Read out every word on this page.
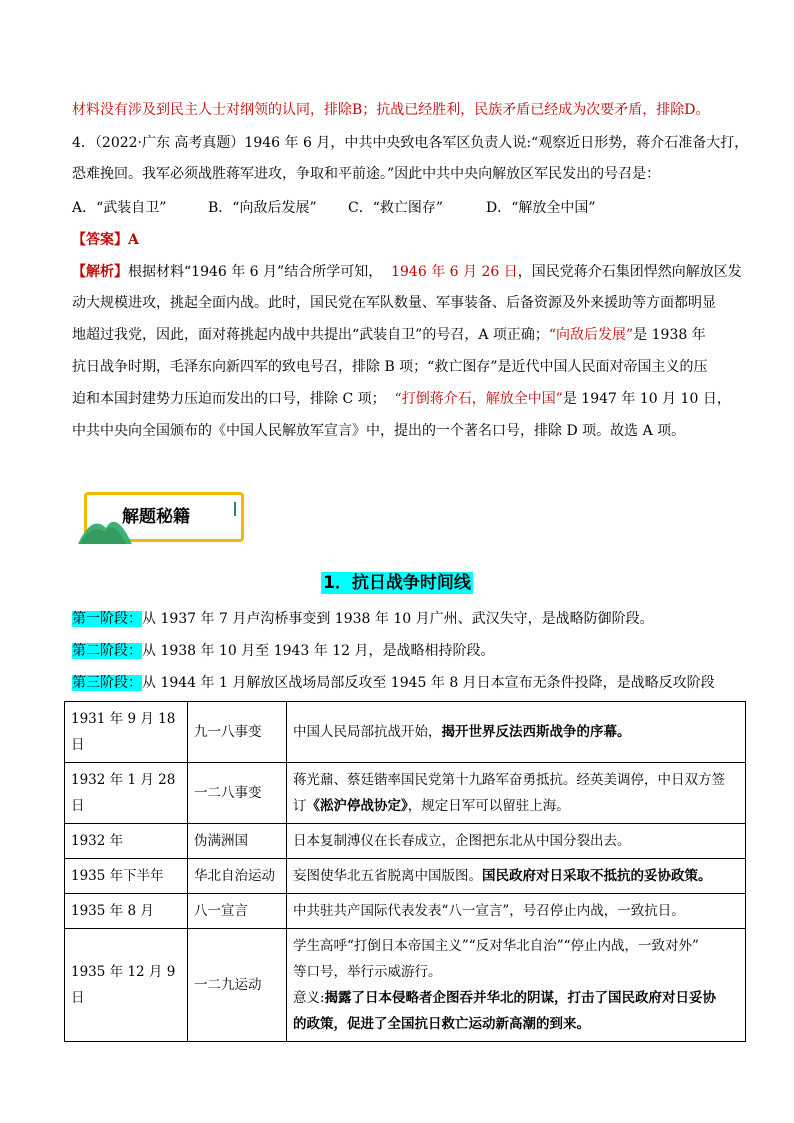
材料没有涉及到民主人士对纲领的认同，排除B；抗战已经胜利，民族矛盾已经成为次要矛盾，排除D。
4．（2022·广东 高考真题）1946 年 6 月，中共中央致电各军区负责人说:“观察近日形势，蒋介石准备大打，
恐难挽回。我军必须战胜蒋军进攻，争取和平前途。”因此中共中央向解放区军民发出的号召是：
A．“武装自卫”	B．“向敌后发展” C．“救亡图存”	D．“解放全中国”
【答案】A
【解析】根据材料“1946 年 6 月”结合所学可知， 1946 年 6 月 26 日，国民党蒋介石集团悍然向解放区发
动大规模进攻，挑起全面内战。此时，国民党在军队数量、军事装备、后备资源及外来援助等方面都明显
地超过我党，因此，面对蒋挑起内战中共提出“武装自卫”的号召，A 项正确；“向敌后发展”是 1938 年
抗日战争时期，毛泽东向新四军的致电号召，排除 B 项；“救亡图存”是近代中国人民面对帝国主义的压
迫和本国封建势力压迫而发出的口号，排除 C 项； “打倒蒋介石，解放全中国”是 1947 年 10 月 10 日，
中共中央向全国颁布的《中国人民解放军宣言》中，提出的一个著名口号，排除 D 项。故选 A 项。
解题秘籍
1．抗日战争时间线
第一阶段：从 1937 年 7 月卢沟桥事变到 1938 年 10 月广州、武汉失守，是战略防御阶段。
第二阶段：从 1938 年 10 月至 1943 年 12 月，是战略相持阶段。
第三阶段：从 1944 年 1 月解放区战场局部反攻至 1945 年 8 月日本宣布无条件投降，是战略反攻阶段
1931 年 9 月 18 日	九一八事变	中国人民局部抗战开始，揭开世界反法西斯战争的序幕。
1932 年 1 月 28 日	一二八事变	蒋光鼐、蔡廷锴率国民党第十九路军奋勇抵抗。经英美调停，中日双方签
订《淞沪停战协定》，规定日军可以留驻上海。

1932 年	伪满洲国	日本复制溥仪在长春成立，企图把东北从中国分裂出去。
1935 年下半年	华北自治运动	妄图使华北五省脱离中国版图。国民政府对日采取不抵抗的妥协政策。
1935 年 8 月	八一宣言	中共驻共产国际代表发表“八一宣言”，号召停止内战，一致抗日。
1935 年 12 月 9 日	一二九运动	学生高呼“打倒日本帝国主义”“反对华北自治”“停止内战，一致对外”
等口号，举行示威游行。
意义:揭露了日本侵略者企图吞并华北的阴谋，打击了国民政府对日妥协
的政策，促进了全国抗日救亡运动新高潮的到来。
